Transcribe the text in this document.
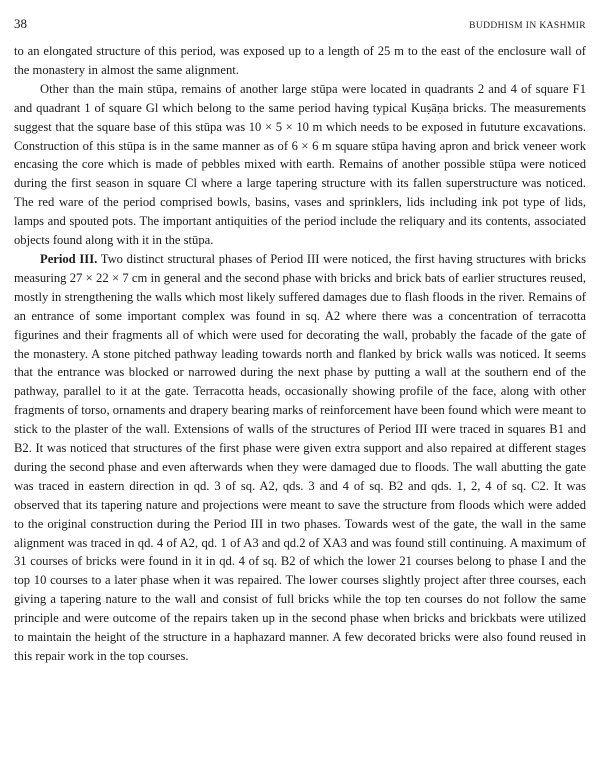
38	BUDDHISM IN KASHMIR

to an elongated structure of this period, was exposed up to a length of 25 m to the east of the enclosure wall of the monastery in almost the same alignment.

Other than the main stūpa, remains of another large stūpa were located in quadrants 2 and 4 of square F1 and quadrant 1 of square Gl which belong to the same period having typical Kuṣāṇa bricks. The measurements suggest that the square base of this stūpa was 10 × 5 × 10 m which needs to be exposed in fututure excavations. Construction of this stūpa is in the same manner as of 6 × 6 m square stūpa having apron and brick veneer work encasing the core which is made of pebbles mixed with earth. Remains of another possible stūpa were noticed during the first season in square Cl where a large tapering structure with its fallen superstructure was noticed. The red ware of the period comprised bowls, basins, vases and sprinklers, lids including ink pot type of lids, lamps and spouted pots. The important antiquities of the period include the reliquary and its contents, associated objects found along with it in the stūpa.

Period III. Two distinct structural phases of Period III were noticed, the first having structures with bricks measuring 27 × 22 × 7 cm in general and the second phase with bricks and brick bats of earlier structures reused, mostly in strengthening the walls which most likely suffered damages due to flash floods in the river. Remains of an entrance of some important complex was found in sq. A2 where there was a concentration of terracotta figurines and their fragments all of which were used for decorating the wall, probably the facade of the gate of the monastery. A stone pitched pathway leading towards north and flanked by brick walls was noticed. It seems that the entrance was blocked or narrowed during the next phase by putting a wall at the southern end of the pathway, parallel to it at the gate. Terracotta heads, occasionally showing profile of the face, along with other fragments of torso, ornaments and drapery bearing marks of reinforcement have been found which were meant to stick to the plaster of the wall. Extensions of walls of the structures of Period III were traced in squares B1 and B2. It was noticed that structures of the first phase were given extra support and also repaired at different stages during the second phase and even afterwards when they were damaged due to floods. The wall abutting the gate was traced in eastern direction in qd. 3 of sq. A2, qds. 3 and 4 of sq. B2 and qds. 1, 2, 4 of sq. C2. It was observed that its tapering nature and projections were meant to save the structure from floods which were added to the original construction during the Period III in two phases. Towards west of the gate, the wall in the same alignment was traced in qd. 4 of A2, qd. 1 of A3 and qd.2 of XA3 and was found still continuing. A maximum of 31 courses of bricks were found in it in qd. 4 of sq. B2 of which the lower 21 courses belong to phase I and the top 10 courses to a later phase when it was repaired. The lower courses slightly project after three courses, each giving a tapering nature to the wall and consist of full bricks while the top ten courses do not follow the same principle and were outcome of the repairs taken up in the second phase when bricks and brickbats were utilized to maintain the height of the structure in a haphazard manner. A few decorated bricks were also found reused in this repair work in the top courses.
